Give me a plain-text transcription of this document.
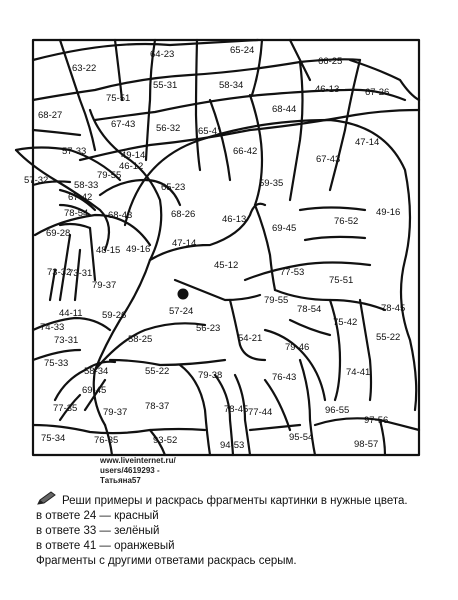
64-23	65-24
63-22
66-25
55-31	58-34	46-13	67-26
75-51
68-27
67-43 56-32 65-41
68-44
47-14
57-33	49-14
46-12
66-42
67-43
57-32	79-55
65-23	59-35
58-33
67-42
68-43	68-26	46-13
49-16
78-54
69-28
48-15 49-16
47-14
69-45
76-52
73-32
73-31
79-37
45-12
77-53
75-51
78-45
74-33
44-11 59-26	57-24
79-55
78-54
75-42
55-22
73-31	58-25
56-23
54-21
79-46
74-41
75-33
55-22
76-43
79-38
58-34
69-45
79-37
78-37	78-45 77-44	96-55
77-35
97-56
75-34	76-35	93-52	94-53
95-54
98-57
www.liveinternet.ru/
users/4619293 -
Татьяна57
Реши примеры и раскрась фрагменты картинки в нужные цвета.
в ответе 24 — красный
в ответе 33 — зелёный
в ответе 41 — оранжевый
Фрагменты с другими ответами раскрась серым.
